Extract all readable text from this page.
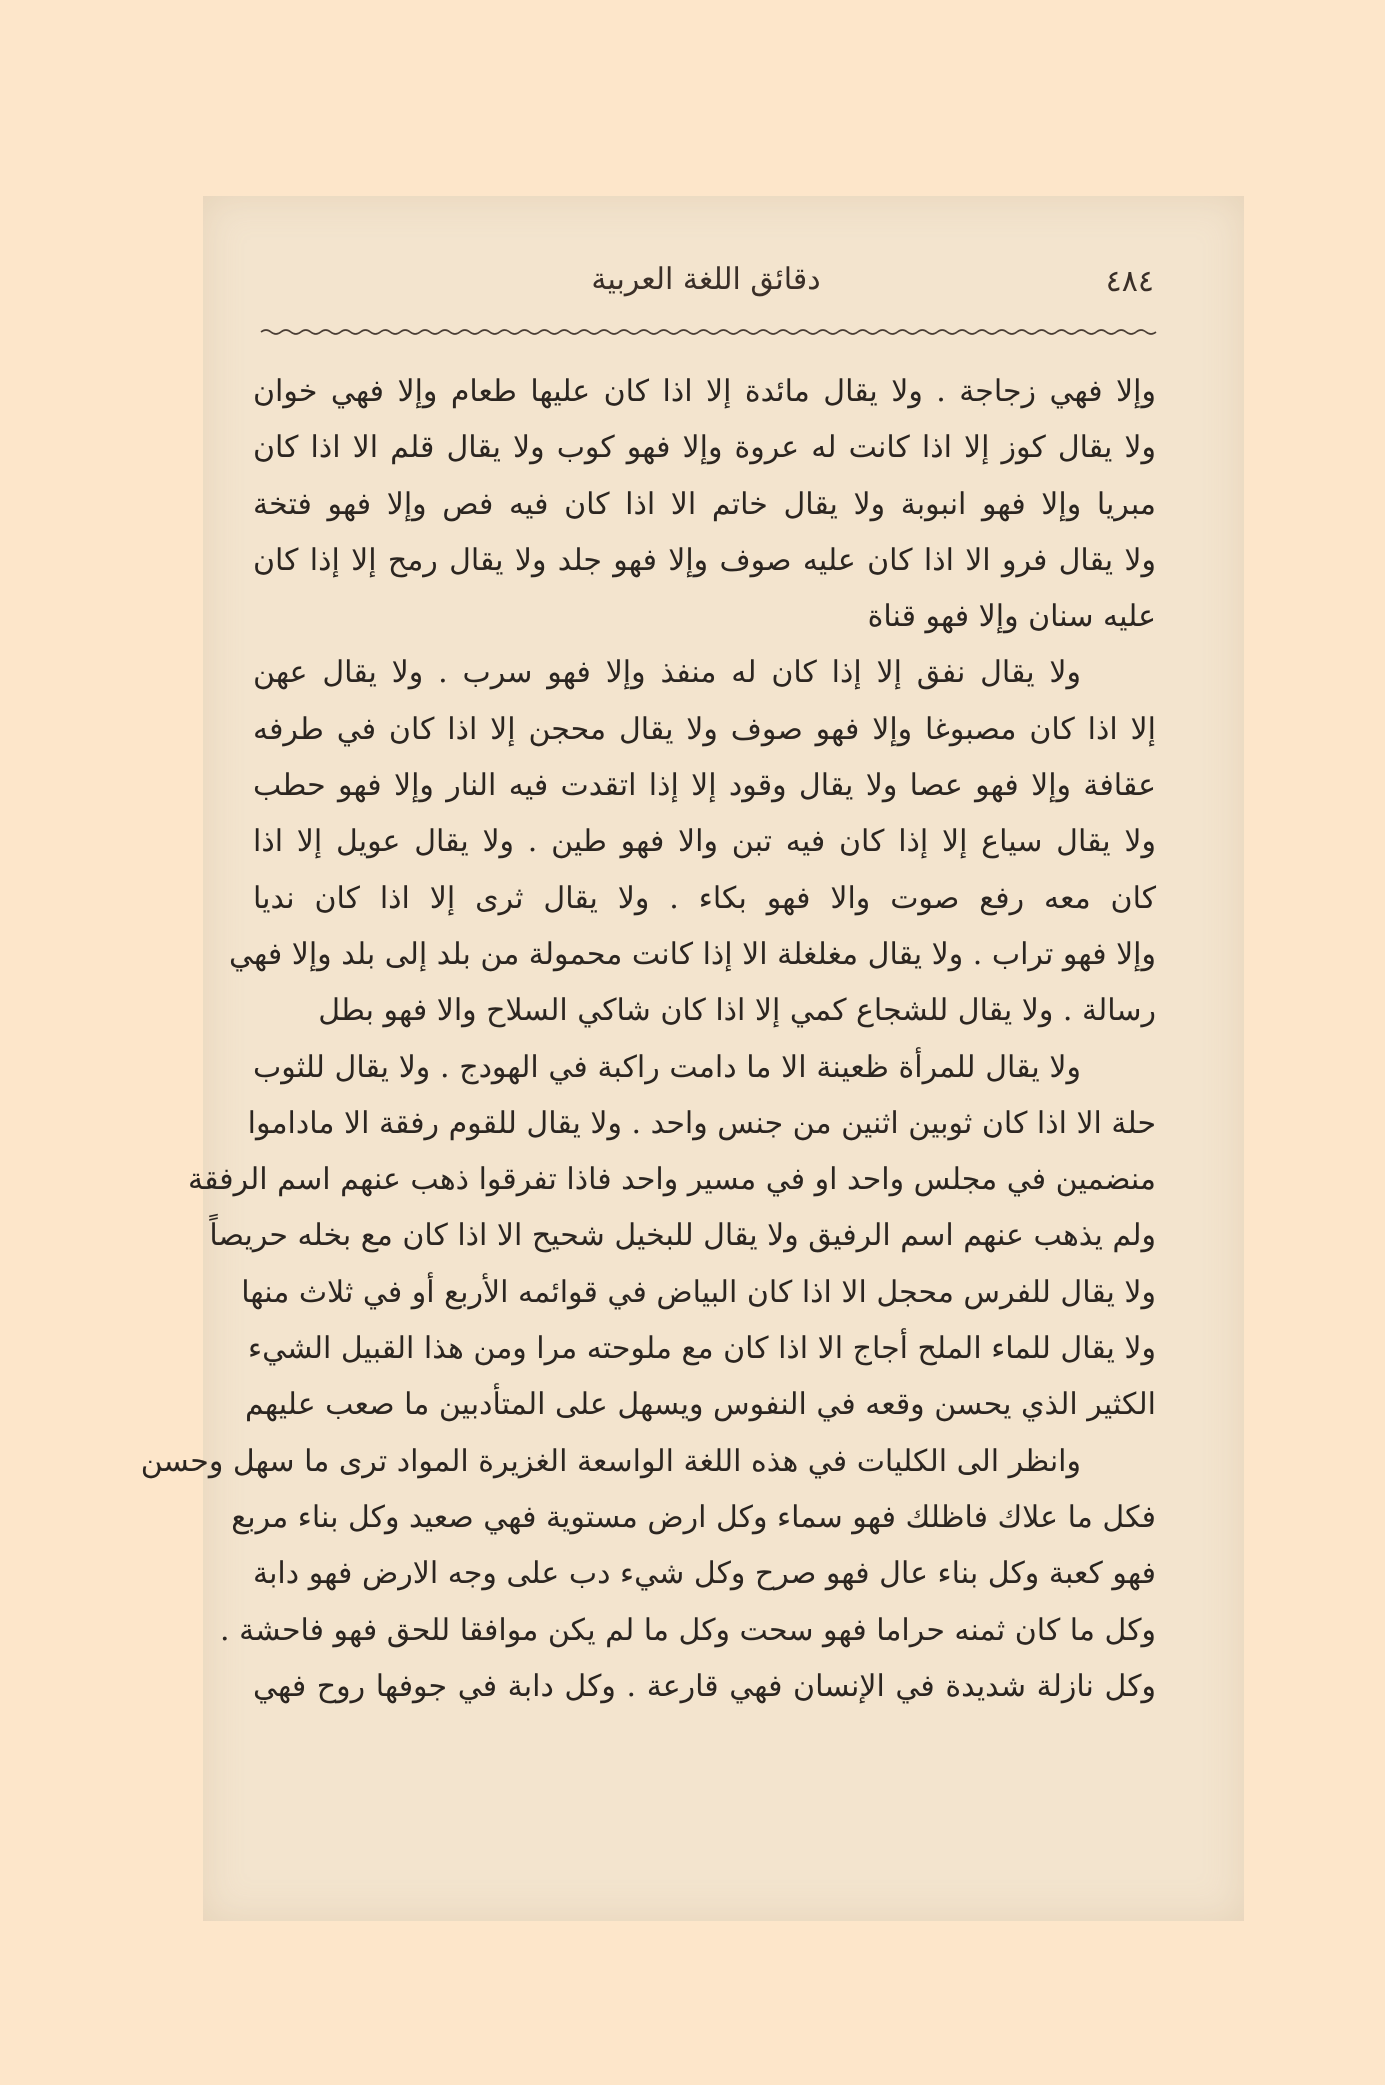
٤٨٤
دقائق اللغة العربية
وإلا فهي زجاجة . ولا يقال مائدة إلا اذا كان عليها طعام وإلا فهي خوان
ولا يقال كوز إلا اذا كانت له عروة وإلا فهو كوب ولا يقال قلم الا اذا كان
مبريا وإلا فهو انبوبة ولا يقال خاتم الا اذا كان فيه فص وإلا فهو فتخة
ولا يقال فرو الا اذا كان عليه صوف وإلا فهو جلد ولا يقال رمح إلا إذا كان
عليه سنان وإلا فهو قناة
ولا يقال نفق إلا إذا كان له منفذ وإلا فهو سرب . ولا يقال عهن
إلا اذا كان مصبوغا وإلا فهو صوف ولا يقال محجن إلا اذا كان في طرفه
عقافة وإلا فهو عصا ولا يقال وقود إلا إذا اتقدت فيه النار وإلا فهو حطب
ولا يقال سياع إلا إذا كان فيه تبن والا فهو طين . ولا يقال عويل إلا اذا
كان معه رفع صوت والا فهو بكاء . ولا يقال ثرى إلا اذا كان نديا
وإلا فهو تراب . ولا يقال مغلغلة الا إذا كانت محمولة من بلد إلى بلد وإلا فهي
رسالة . ولا يقال للشجاع كمي إلا اذا كان شاكي السلاح والا فهو بطل
ولا يقال للمرأة ظعينة الا ما دامت راكبة في الهودج . ولا يقال للثوب
حلة الا اذا كان ثوبين اثنين من جنس واحد . ولا يقال للقوم رفقة الا ماداموا
منضمين في مجلس واحد او في مسير واحد فاذا تفرقوا ذهب عنهم اسم الرفقة
ولم يذهب عنهم اسم الرفيق ولا يقال للبخيل شحيح الا اذا كان مع بخله حريصاً
ولا يقال للفرس محجل الا اذا كان البياض في قوائمه الأربع أو في ثلاث منها
ولا يقال للماء الملح أجاج الا اذا كان مع ملوحته مرا ومن هذا القبيل الشيء
الكثير الذي يحسن وقعه في النفوس ويسهل على المتأدبين ما صعب عليهم
وانظر الى الكليات في هذه اللغة الواسعة الغزيرة المواد ترى ما سهل وحسن
فكل ما علاك فاظلك فهو سماء وكل ارض مستوية فهي صعيد وكل بناء مربع
فهو كعبة وكل بناء عال فهو صرح وكل شيء دب على وجه الارض فهو دابة
وكل ما كان ثمنه حراما فهو سحت وكل ما لم يكن موافقا للحق فهو فاحشة .
وكل نازلة شديدة في الإنسان فهي قارعة . وكل دابة في جوفها روح فهي
